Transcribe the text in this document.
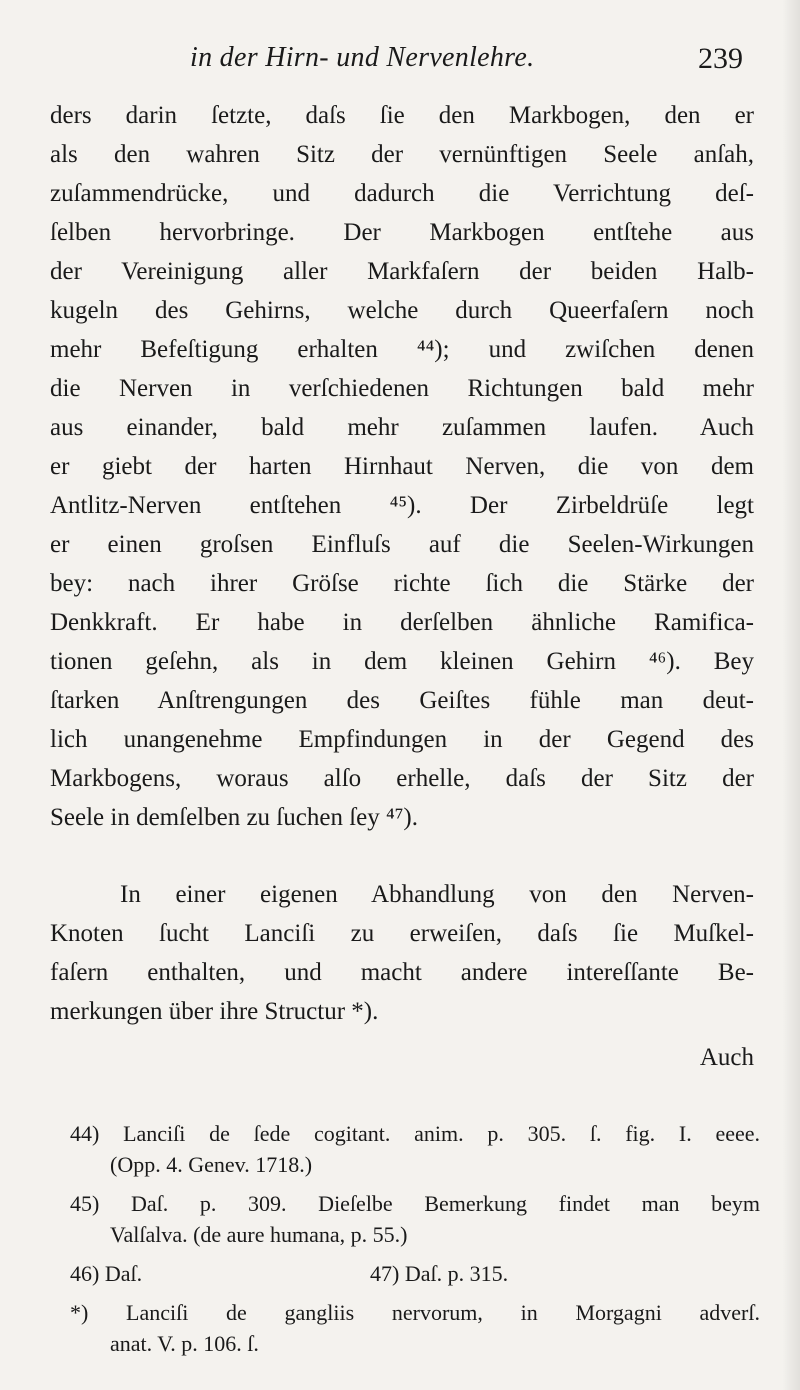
in der Hirn- und Nervenlehre.	239
ders darin ſetzte, daſs ſie den Markbogen, den er
als den wahren Sitz der vernünftigen Seele anſah,
zuſammendrücke, und dadurch die Verrichtung deſ-
ſelben hervorbringe. Der Markbogen entſtehe aus
der Vereinigung aller Markfaſern der beiden Halb-
kugeln des Gehirns, welche durch Queerfaſern noch
mehr Befeſtigung erhalten ⁴⁴); und zwiſchen denen
die Nerven in verſchiedenen Richtungen bald mehr
aus einander, bald mehr zuſammen laufen. Auch
er giebt der harten Hirnhaut Nerven, die von dem
Antlitz-Nerven entſtehen ⁴⁵). Der Zirbeldrüſe legt
er einen groſsen Einfluſs auf die Seelen-Wirkungen
bey: nach ihrer Gröſse richte ſich die Stärke der
Denkkraft. Er habe in derſelben ähnliche Ramifica-
tionen geſehn, als in dem kleinen Gehirn ⁴⁶). Bey
ſtarken Anſtrengungen des Geiſtes fühle man deut-
lich unangenehme Empfindungen in der Gegend des
Markbogens, woraus alſo erhelle, daſs der Sitz der
Seele in demſelben zu ſuchen ſey ⁴⁷).
In einer eigenen Abhandlung von den Nerven-
Knoten ſucht Lanciſi zu erweiſen, daſs ſie Muſkel-
faſern enthalten, und macht andere intereſſante Be-
merkungen über ihre Structur *).
Auch
44) Lanciſi de ſede cogitant. anim. p. 305. ſ. fig. I. eeee.
(Opp. 4. Genev. 1718.)
45) Daſ. p. 309. Dieſelbe Bemerkung findet man beym
Valſalva. (de aure humana, p. 55.)
46) Daſ.	47) Daſ. p. 315.
*) Lanciſi de gangliis nervorum, in Morgagni adverſ.
anat. V. p. 106. ſ.
